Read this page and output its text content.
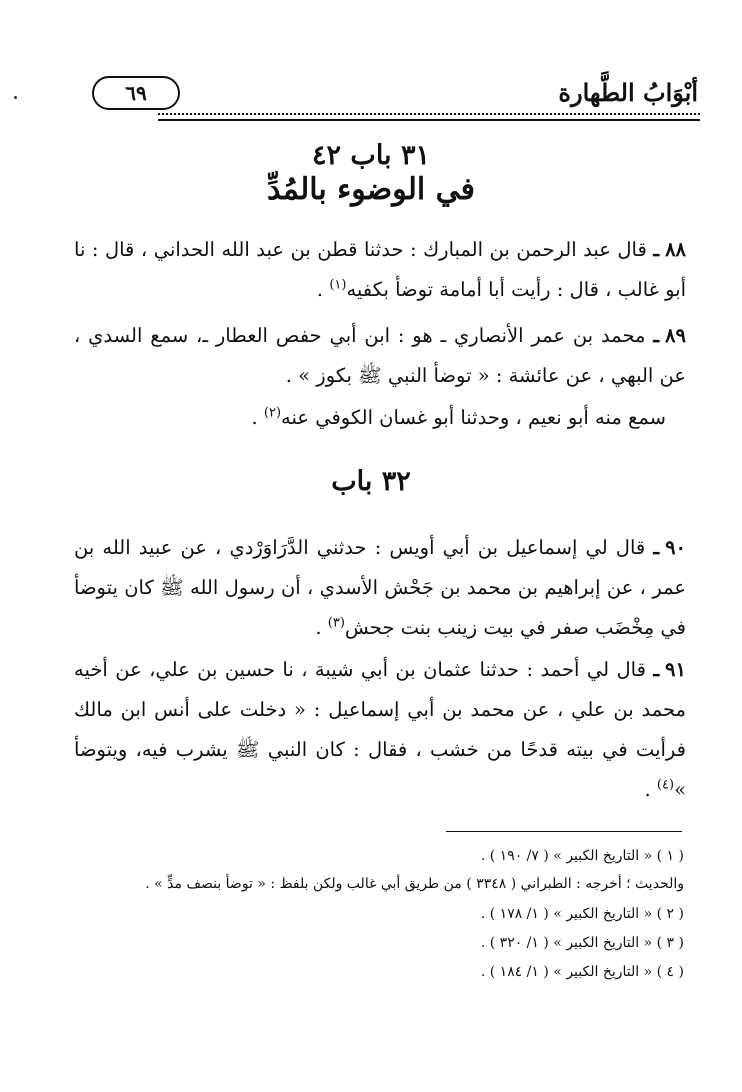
٦٩	أبْوَابُ الطَّهارة
٣١ باب ٤٢
في الوضوء بالمُدِّ
٨٨ـ قال عبد الرحمن بن المبارك : حدثنا قطن بن عبد الله الحداني ، قال : نا أبو غالب ، قال : رأيت أبا أمامة توضأ بكفيه$^{(١)}$ .
٨٩ـ محمد بن عمر الأنصاري ـ هو : ابن أبي حفص العطار ـ، سمع السدي ، عن البهي ، عن عائشة : « توضأ النبي ﷺ بكوز » .
سمع منه أبو نعيم ، وحدثنا أبو غسان الكوفي عنه$^{(٢)}$ .
٣٢ باب
٩٠ـ قال لي إسماعيل بن أبي أويس : حدثني الدَّرَاوَرْدي ، عن عبيد الله بن عمر ، عن إبراهيم بن محمد بن جَحْش الأسدي ، أن رسول الله ﷺ كان يتوضأ في مِخْضَب صفر في بيت زينب بنت جحش$^{(٣)}$ .
٩١ـ قال لي أحمد : حدثنا عثمان بن أبي شيبة ، نا حسين بن علي، عن أخيه محمد بن علي ، عن محمد بن أبي إسماعيل : « دخلت على أنس ابن مالك فرأيت في بيته قدحًا من خشب ، فقال : كان النبي ﷺ يشرب فيه، ويتوضأ »$^{(٤)}$ .
( ١ ) « التاريخ الكبير » ( ٧/ ١٩٠ ) .
والحديث ؛ أخرجه : الطبراني ( ٣٣٤٨ ) من طريق أبي غالب ولكن بلفظ : « توضأ بنصف مدٍّ » .
( ٢ ) « التاريخ الكبير » ( ١/ ١٧٨ ) .
( ٣ ) « التاريخ الكبير » ( ١/ ٣٢٠ ) .
( ٤ ) « التاريخ الكبير » ( ١/ ١٨٤ ) .
